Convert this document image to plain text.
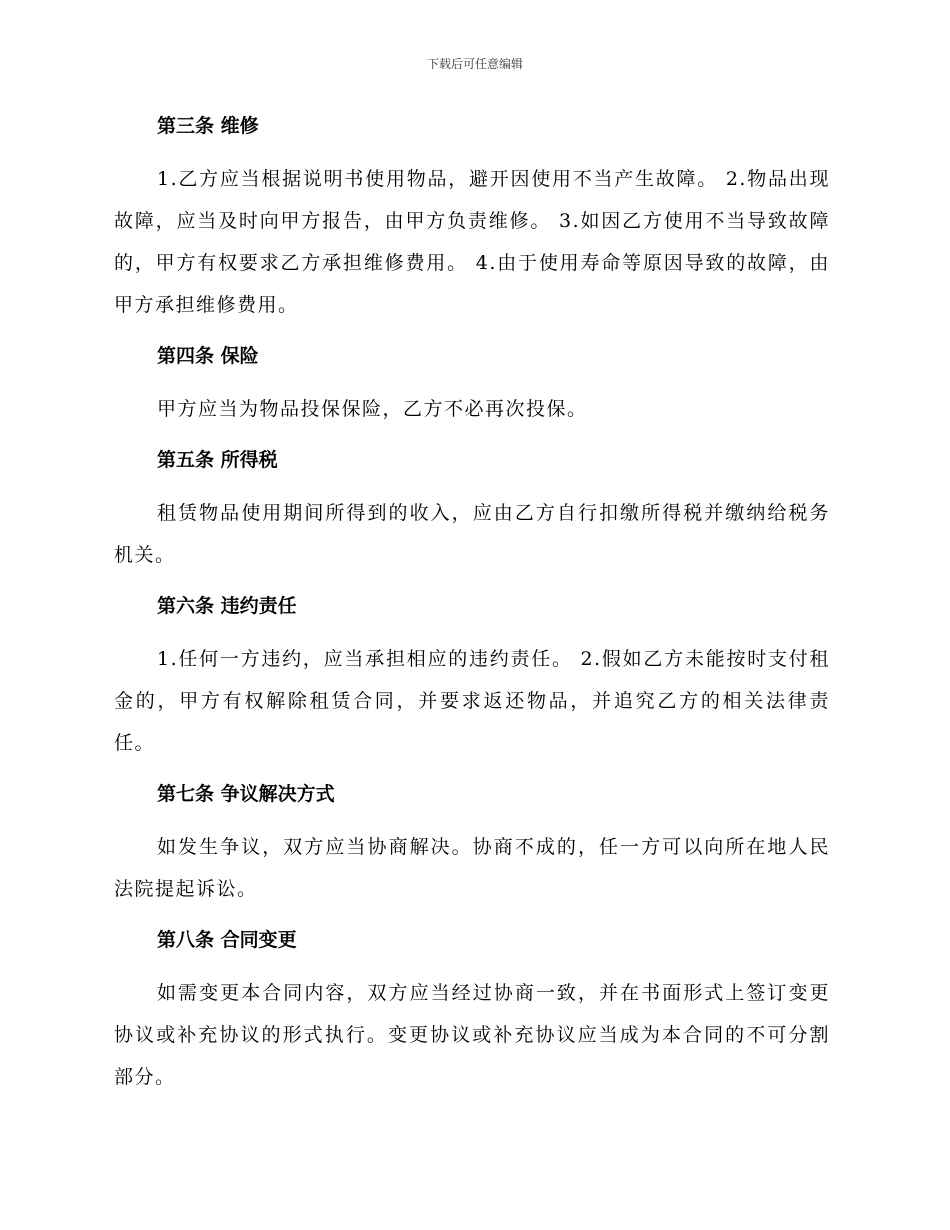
下载后可任意编辑
第三条 维修

1.乙方应当根据说明书使用物品，避开因使用不当产生故障。 2.物品出现故障，应当及时向甲方报告，由甲方负责维修。 3.如因乙方使用不当导致故障的，甲方有权要求乙方承担维修费用。 4.由于使用寿命等原因导致的故障，由甲方承担维修费用。

第四条 保险

甲方应当为物品投保保险，乙方不必再次投保。

第五条 所得税

租赁物品使用期间所得到的收入，应由乙方自行扣缴所得税并缴纳给税务机关。

第六条 违约责任

1.任何一方违约，应当承担相应的违约责任。 2.假如乙方未能按时支付租金的，甲方有权解除租赁合同，并要求返还物品，并追究乙方的相关法律责任。

第七条 争议解决方式

如发生争议，双方应当协商解决。协商不成的，任一方可以向所在地人民法院提起诉讼。

第八条 合同变更

如需变更本合同内容，双方应当经过协商一致，并在书面形式上签订变更协议或补充协议的形式执行。变更协议或补充协议应当成为本合同的不可分割部分。
